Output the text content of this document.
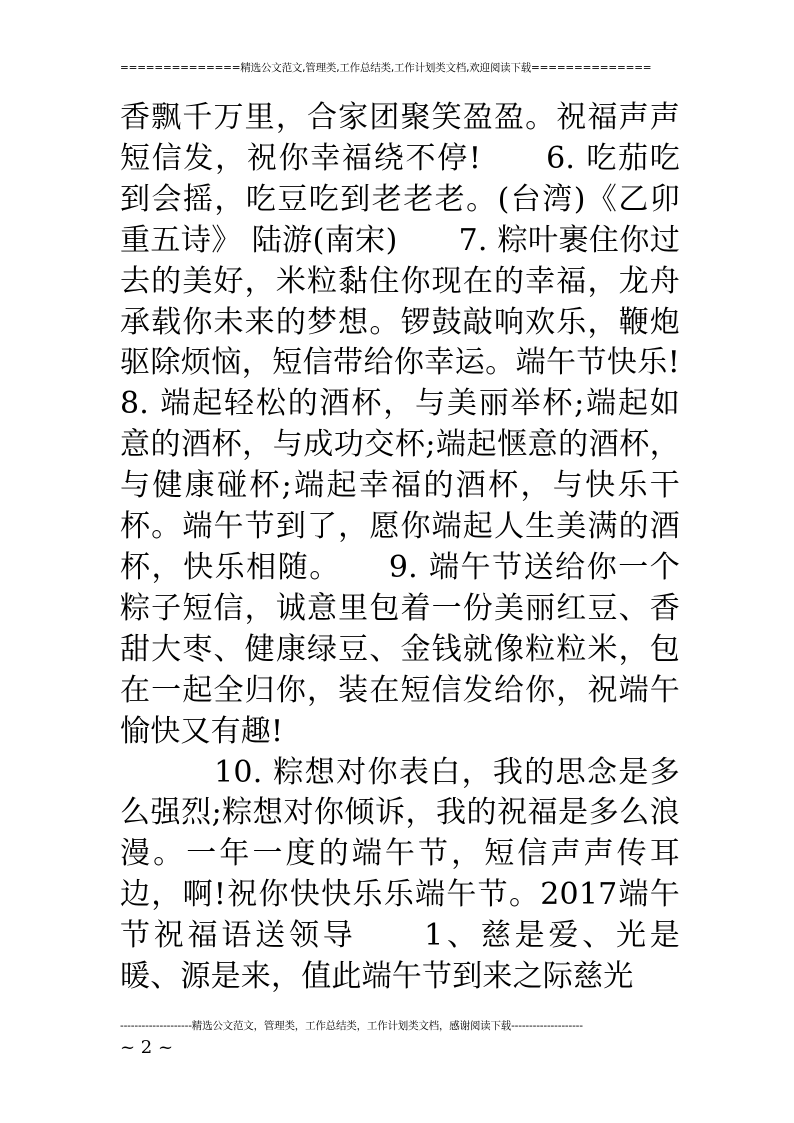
==============精选公文范文,管理类,工作总结类,工作计划类文档,欢迎阅读下载==============
香飘千万里，合家团聚笑盈盈。祝福声声短信发，祝你幸福绕不停!　　6. 吃茄吃到会摇，吃豆吃到老老老。(台湾)《乙卯重五诗》 陆游(南宋)　　7. 粽叶裹住你过去的美好，米粒黏住你现在的幸福，龙舟承载你未来的梦想。锣鼓敲响欢乐，鞭炮驱除烦恼，短信带给你幸运。端午节快乐!　　8. 端起轻松的酒杯，与美丽举杯;端起如意的酒杯，与成功交杯;端起惬意的酒杯，与健康碰杯;端起幸福的酒杯，与快乐干杯。端午节到了，愿你端起人生美满的酒杯，快乐相随。　　9. 端午节送给你一个粽子短信，诚意里包着一份美丽红豆、香甜大枣、健康绿豆、金钱就像粒粒米，包在一起全归你，装在短信发给你，祝端午愉快又有趣!
　　　10. 粽想对你表白，我的思念是多么强烈;粽想对你倾诉，我的祝福是多么浪漫。一年一度的端午节，短信声声传耳边，啊!祝你快快乐乐端午节。2017端午节祝福语送领导　　1、慈是爱、光是暖、源是来，值此端午节到来之际慈光
--------------------精选公文范文，管理类，工作总结类，工作计划类文档，感谢阅读下载--------------------
~ 2 ~
